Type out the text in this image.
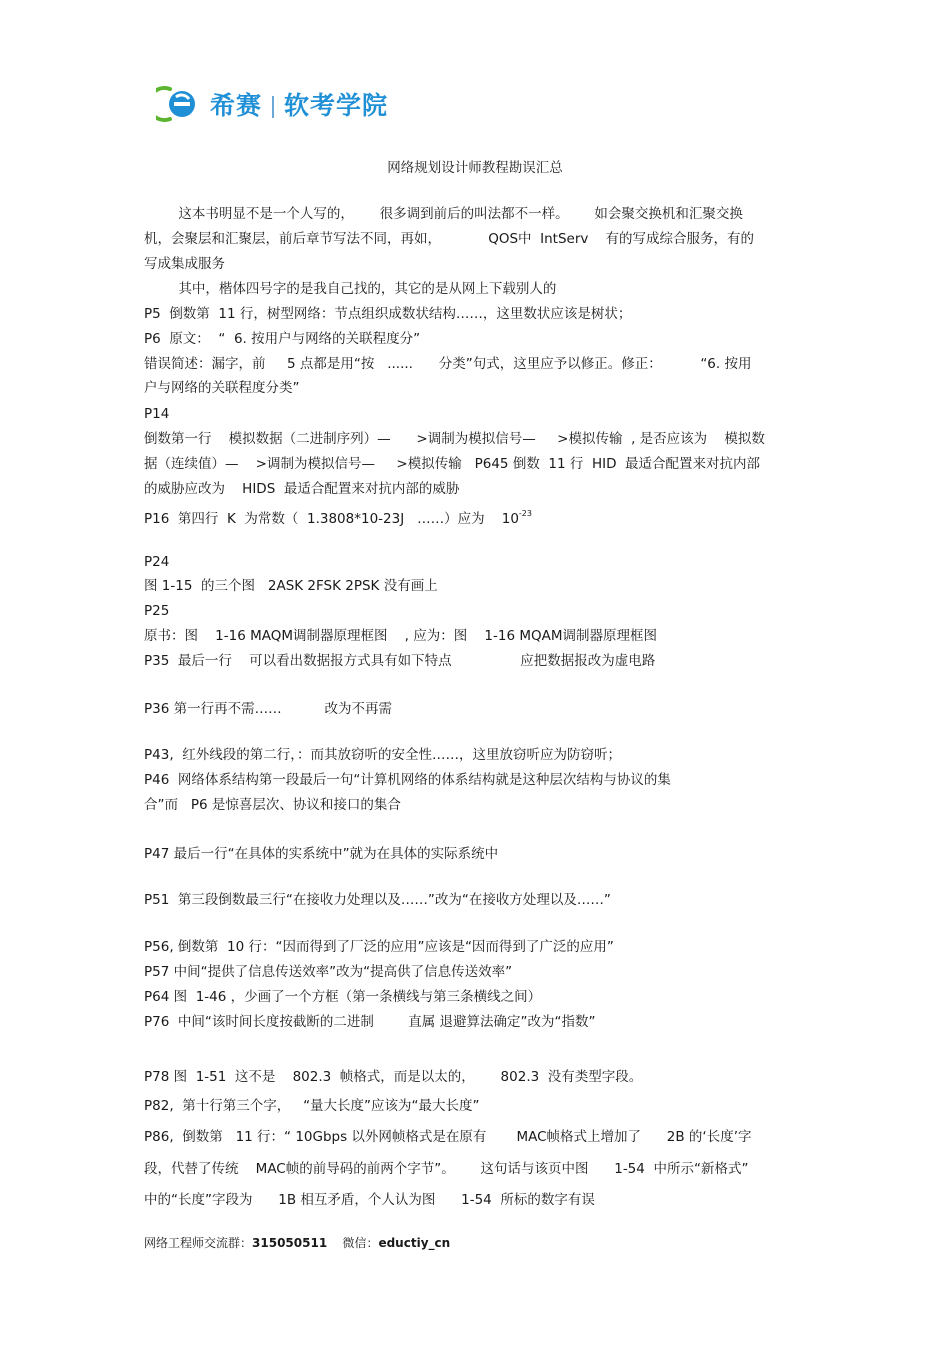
希赛 软考学院
网络规划设计师教程勘误汇总
这本书明显不是一个人写的，      很多调到前后的叫法都不一样。      如会聚交换机和汇聚交换
机，会聚层和汇聚层，前后章节写法不同，再如，           QOS中  IntServ    有的写成综合服务，有的
写成集成服务
其中，楷体四号字的是我自己找的，其它的是从网上下载别人的
P5  倒数第  11 行，树型网络：节点组织成数状结构……，这里数状应该是树状；
P6  原文：  “  6. 按用户与网络的关联程度分”
错误简述：漏字，前     5 点都是用“按   ......      分类”句式，这里应予以修正。修正：         “6. 按用
户与网络的关联程度分类”
P14
倒数第一行    模拟数据（二进制序列）—      >调制为模拟信号—     >模拟传输  , 是否应该为    模拟数
据（连续值）—    >调制为模拟信号—     >模拟传输   P645 倒数  11 行  HID  最适合配置来对抗内部
的威胁应改为    HIDS  最适合配置来对抗内部的威胁
P16  第四行  K  为常数（  1.3808*10-23J   ……）应为    $10^{-23}$
P24
图 1-15  的三个图   2ASK 2FSK 2PSK 没有画上
P25
原书：图    1-16 MAQM调制器原理框图    , 应为：图    1-16 MQAM调制器原理框图
P35  最后一行    可以看出数据报方式具有如下特点                应把数据报改为虚电路
P36 第一行再不需……          改为不再需
P43,  红外线段的第二行，：而其放窃听的安全性……，这里放窃听应为防窃听；
P46  网络体系结构第一段最后一句“计算机网络的体系结构就是这种层次结构与协议的集
合”而   P6 是惊喜层次、协议和接口的集合
P47 最后一行“在具体的实系统中”就为在具体的实际系统中
P51  第三段倒数最三行“在接收力处理以及……”改为“在接收方处理以及……”
P56, 倒数第  10 行：“因而得到了厂泛的应用”应该是“因而得到了广泛的应用”
P57 中间“提供了信息传送效率”改为“提高供了信息传送效率”
P64 图  1-46 ，少画了一个方框（第一条横线与第三条横线之间）
P76  中间“该时间长度按截断的二进制        直属 退避算法确定”改为“指数”
P78 图  1-51  这不是    802.3  帧格式，而是以太的，      802.3  没有类型字段。
P82,  第十行第三个字，   “量大长度”应该为“最大长度”
P86,  倒数第   11 行：“ 10Gbps 以外网帧格式是在原有       MAC帧格式上增加了      2B 的‘长度’字
段，代替了传统    MAC帧的前导码的前两个字节”。      这句话与该页中图      1-54  中所示“新格式”
中的“长度”字段为      1B 相互矛盾，个人认为图      1-54  所标的数字有误
网络工程师交流群：315050511 微信：eductiy_cn
